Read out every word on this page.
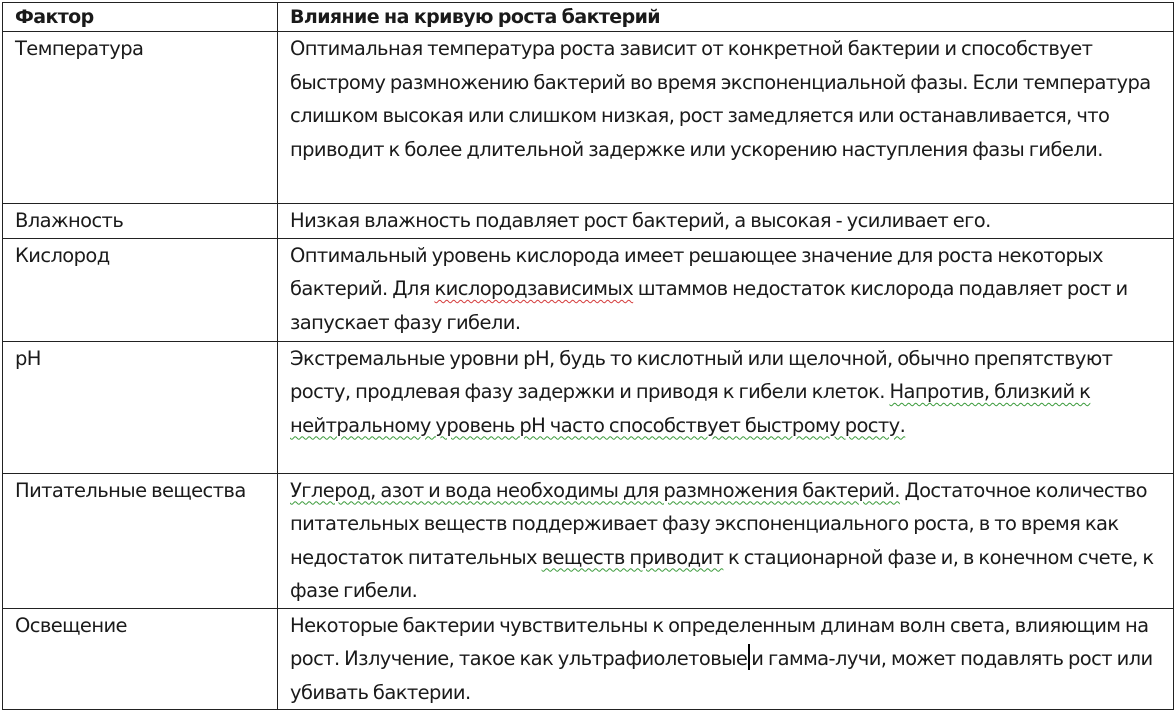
Фактор	Влияние на кривую роста бактерий
Температура	Оптимальная температура роста зависит от конкретной бактерии и способствует быстрому размножению бактерий во время экспоненциальной фазы. Если температура слишком высокая или слишком низкая, рост замедляется или останавливается, что приводит к более длительной задержке или ускорению наступления фазы гибели.
Влажность	Низкая влажность подавляет рост бактерий, а высокая - усиливает его.
Кислород	Оптимальный уровень кислорода имеет решающее значение для роста некоторых бактерий. Для кислородзависимых штаммов недостаток кислорода подавляет рост и запускает фазу гибели.
pH	Экстремальные уровни pH, будь то кислотный или щелочной, обычно препятствуют росту, продлевая фазу задержки и приводя к гибели клеток. Напротив, близкий к нейтральному уровень pH часто способствует быстрому росту.
Питательные вещества	Углерод, азот и вода необходимы для размножения бактерий. Достаточное количество питательных веществ поддерживает фазу экспоненциального роста, в то время как недостаток питательных веществ приводит к стационарной фазе и, в конечном счете, к фазе гибели.
Освещение	Некоторые бактерии чувствительны к определенным длинам волн света, влияющим на рост. Излучение, такое как ультрафиолетовые и гамма-лучи, может подавлять рост или убивать бактерии.
